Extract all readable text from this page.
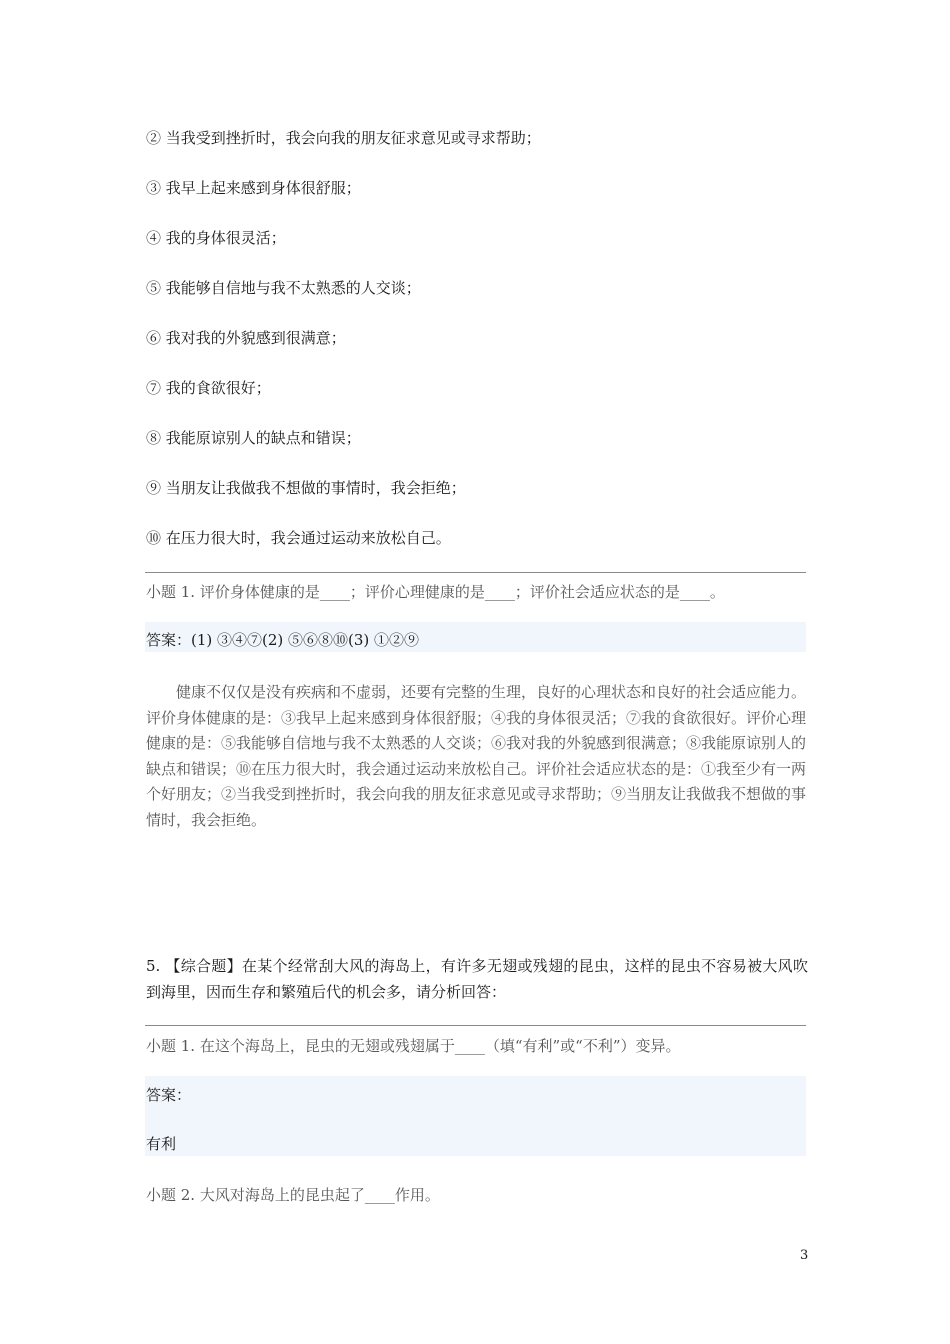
② 当我受到挫折时，我会向我的朋友征求意见或寻求帮助；
③ 我早上起来感到身体很舒服；
④ 我的身体很灵活；
⑤ 我能够自信地与我不太熟悉的人交谈；
⑥ 我对我的外貌感到很满意；
⑦ 我的食欲很好；
⑧ 我能原谅别人的缺点和错误；
⑨ 当朋友让我做我不想做的事情时，我会拒绝；
⑩ 在压力很大时，我会通过运动来放松自己。
小题 1. 评价身体健康的是____；评价心理健康的是____；评价社会适应状态的是____。
答案：(1) ③④⑦(2) ⑤⑥⑧⑩(3) ①②⑨
健康不仅仅是没有疾病和不虚弱，还要有完整的生理，良好的心理状态和良好的社会适应能力。评价身体健康的是：③我早上起来感到身体很舒服；④我的身体很灵活；⑦我的食欲很好。评价心理健康的是：⑤我能够自信地与我不太熟悉的人交谈；⑥我对我的外貌感到很满意；⑧我能原谅别人的缺点和错误；⑩在压力很大时，我会通过运动来放松自己。评价社会适应状态的是：①我至少有一两个好朋友；②当我受到挫折时，我会向我的朋友征求意见或寻求帮助；⑨当朋友让我做我不想做的事情时，我会拒绝。
5. 【综合题】在某个经常刮大风的海岛上，有许多无翅或残翅的昆虫，这样的昆虫不容易被大风吹到海里，因而生存和繁殖后代的机会多，请分析回答：
小题 1. 在这个海岛上，昆虫的无翅或残翅属于____（填“有利”或“不利”）变异。
答案：
有利
小题 2. 大风对海岛上的昆虫起了____作用。
3
